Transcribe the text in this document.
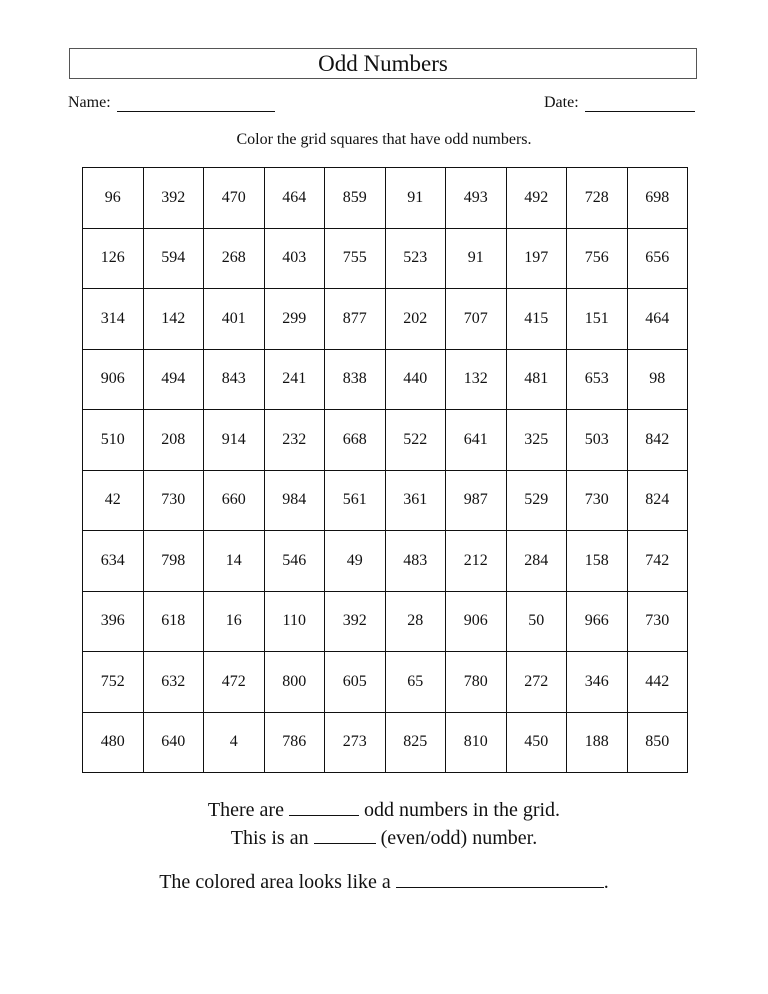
Odd Numbers
Name:	Date:
Color the grid squares that have odd numbers.
96	392	470	464	859	91	493	492	728	698
126	594	268	403	755	523	91	197	756	656
314	142	401	299	877	202	707	415	151	464
906	494	843	241	838	440	132	481	653	98
510	208	914	232	668	522	641	325	503	842
42	730	660	984	561	361	987	529	730	824
634	798	14	546	49	483	212	284	158	742
396	618	16	110	392	28	906	50	966	730
752	632	472	800	605	65	780	272	346	442
480	640	4	786	273	825	810	450	188	850
There are	odd numbers in the grid.
This is an	(even/odd) number.
The colored area looks like a	.
